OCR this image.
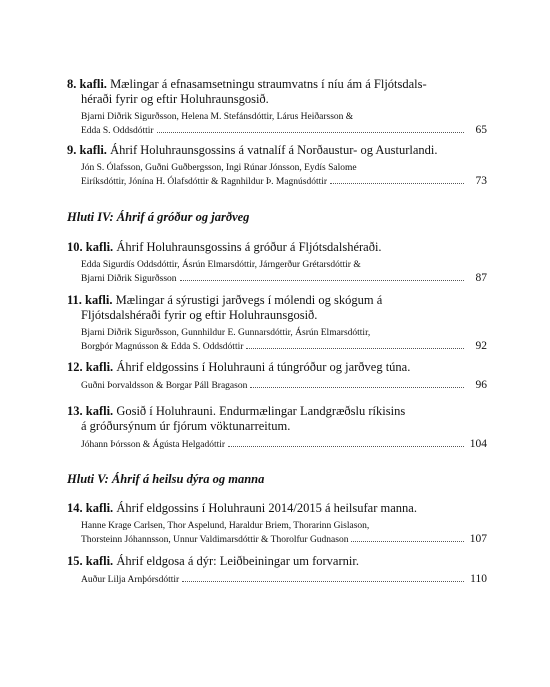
8. kafli. Mælingar á efnasamsetningu straumvatns í níu ám á Fljótsdals-
héraði fyrir og eftir Holuhraunsgosið.
Bjarni Diðrik Sigurðsson, Helena M. Stefánsdóttir, Lárus Heiðarsson &
Edda S. Oddsdóttir	65
9. kafli. Áhrif Holuhraunsgossins á vatnalíf á Norðaustur- og Austurlandi.
Jón S. Ólafsson, Guðni Guðbergsson, Ingi Rúnar Jónsson, Eydís Salome
Eiríksdóttir, Jónína H. Ólafsdóttir & Ragnhildur Þ. Magnúsdóttir	73
Hluti IV: Áhrif á gróður og jarðveg
10. kafli. Áhrif Holuhraunsgossins á gróður á Fljótsdalshéraði.
Edda Sigurdís Oddsdóttir, Ásrún Elmarsdóttir, Járngerður Grétarsdóttir &
Bjarni Diðrik Sigurðsson	87
11. kafli. Mælingar á sýrustigi jarðvegs í mólendi og skógum á
Fljótsdalshéraði fyrir og eftir Holuhraunsgosið.
Bjarni Diðrik Sigurðsson, Gunnhildur E. Gunnarsdóttir, Ásrún Elmarsdóttir,
Borgþór Magnússon & Edda S. Oddsdóttir	92
12. kafli. Áhrif eldgossins í Holuhrauni á túngróður og jarðveg túna.
Guðni Þorvaldsson & Borgar Páll Bragason	96
13. kafli. Gosið í Holuhrauni. Endurmælingar Landgræðslu ríkisins
á gróðursýnum úr fjórum vöktunarreitum.
Jóhann Þórsson & Ágústa Helgadóttir	104
Hluti V: Áhrif á heilsu dýra og manna
14. kafli. Áhrif eldgossins í Holuhrauni 2014/2015 á heilsufar manna.
Hanne Krage Carlsen, Thor Aspelund, Haraldur Briem, Thorarinn Gislason,
Thorsteinn Jóhannsson, Unnur Valdimarsdóttir & Thorolfur Gudnason	107
15. kafli. Áhrif eldgosa á dýr: Leiðbeiningar um forvarnir.
Auður Lilja Arnþórsdóttir	110
